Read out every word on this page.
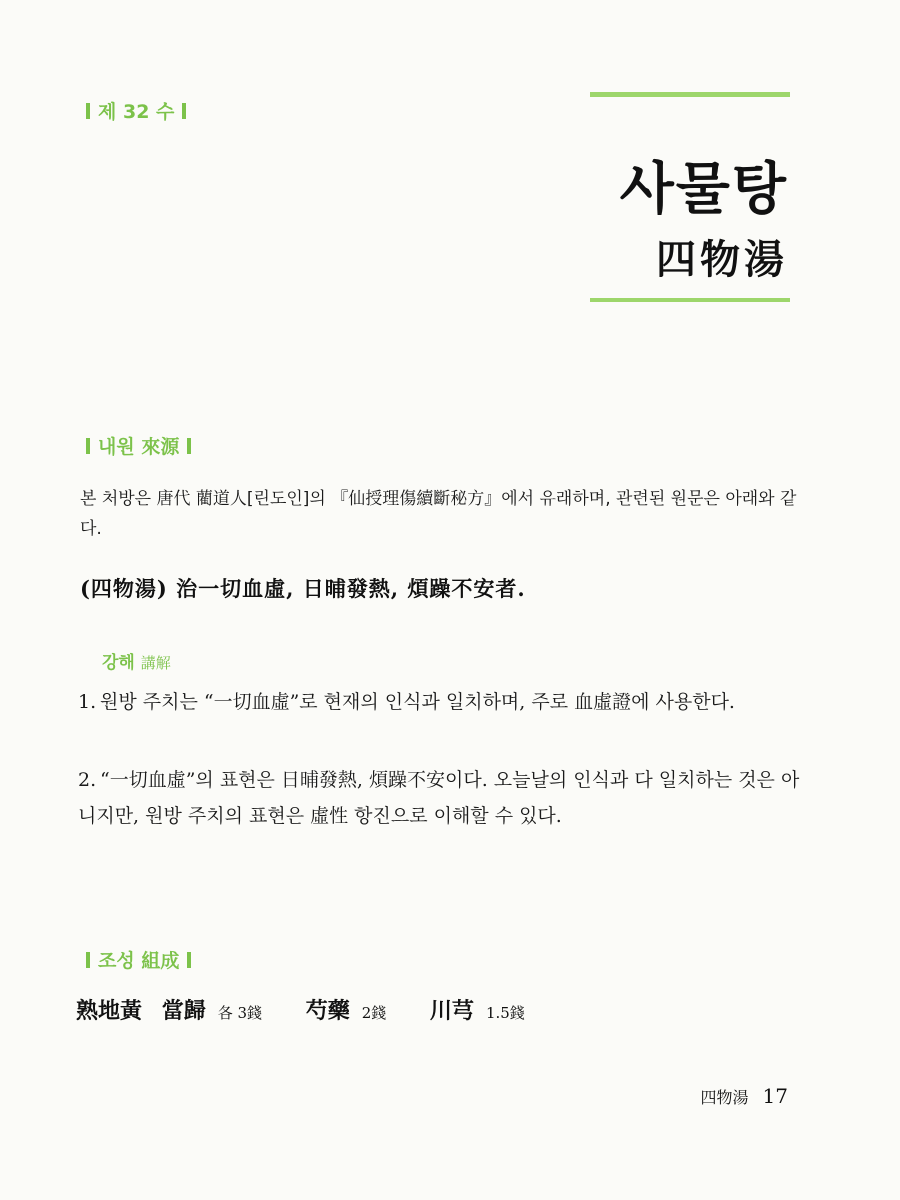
제 32 수
사물탕
四物湯
내원 來源
본 처방은 唐代 藺道人[린도인]의 『仙授理傷續斷秘方』에서 유래하며, 관련된 원문은 아래와 같다.
(四物湯) 治一切血虛, 日晡發熱, 煩躁不安者.
강해 講解
1. 원방 주치는 “一切血虛”로 현재의 인식과 일치하며, 주로 血虛證에 사용한다.
2. “一切血虛”의 표현은 日晡發熱, 煩躁不安이다. 오늘날의 인식과 다 일치하는 것은 아니지만, 원방 주치의 표현은 虛性 항진으로 이해할 수 있다.
조성 組成
熟地黃 當歸 各 3錢 芍藥 2錢 川芎 1.5錢
四物湯 17
